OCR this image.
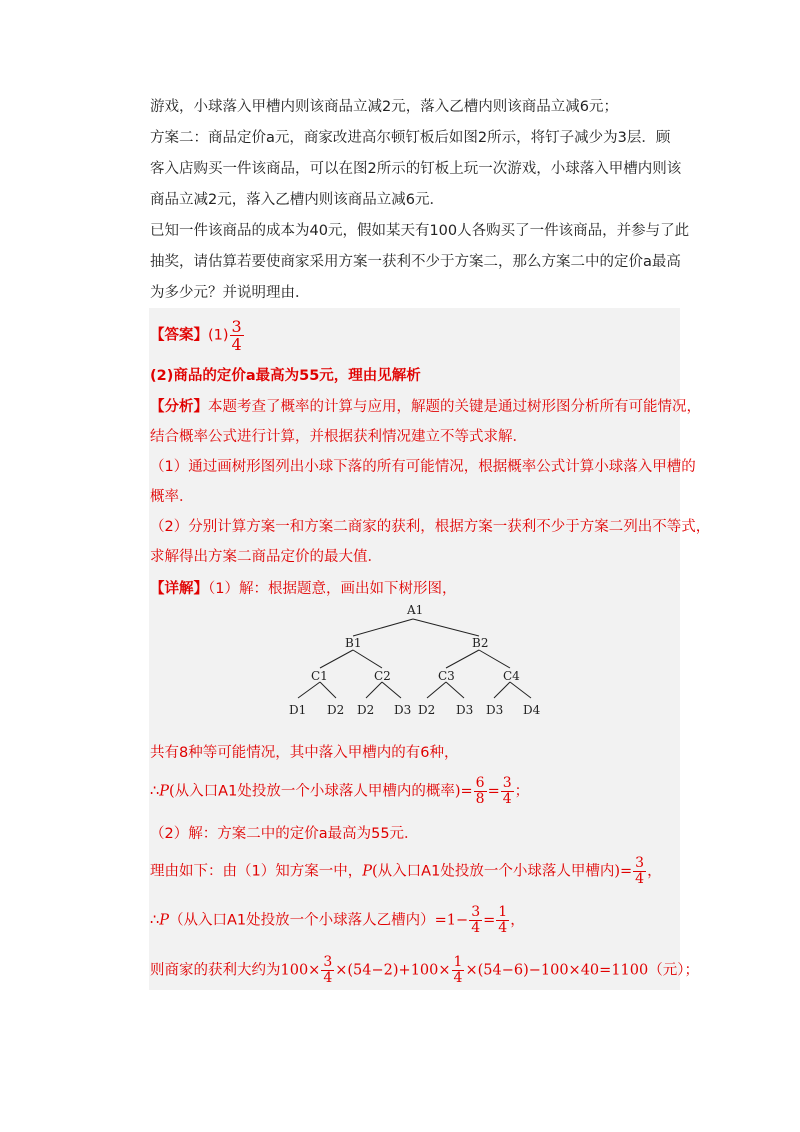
游戏，小球落入甲槽内则该商品立减2元，落入乙槽内则该商品立减6元；

方案二：商品定价a元，商家改进高尔顿钉板后如图2所示，将钉子减少为3层．顾

客入店购买一件该商品，可以在图2所示的钉板上玩一次游戏，小球落入甲槽内则该

商品立减2元，落入乙槽内则该商品立减6元．

已知一件该商品的成本为40元，假如某天有100人各购买了一件该商品，并参与了此

抽奖，请估算若要使商家采用方案一获利不少于方案二，那么方案二中的定价a最高

为多少元？并说明理由．

【答案】$(1) \frac{3}{4}$
(2)商品的定价a最高为55元，理由见解析
【分析】本题考查了概率的计算与应用，解题的关键是通过树形图分析所有可能情况，
结合概率公式进行计算，并根据获利情况建立不等式求解．
（1）通过画树形图列出小球下落的所有可能情况，根据概率公式计算小球落入甲槽的
概率．
（2）分别计算方案一和方案二商家的获利，根据方案一获利不少于方案二列出不等式，
求解得出方案二商品定价的最大值．
【详解】（1）解：根据题意，画出如下树形图，
A1
B1	B2
C1	C2	C3	C4
D1 D2 D2 D3 D2 D3 D3 D4
共有8种等可能情况，其中落入甲槽内的有6种，
∴P(从入口A1处投放一个小球落人甲槽内的概率)= $\frac{6}{8} = \frac{3}{4}$ ；
（2）解：方案二中的定价a最高为55元．
理由如下：由（1）知方案一中，P(从入口A1处投放一个小球落人甲槽内)= $\frac{3}{4}$ ，
∴P（从入口A1处投放一个小球落人乙槽内）$=1- \frac{3}{4} = \frac{1}{4}$ ，
则商家的获利大约为$100\times \frac{3}{4} \times(54-2)+100\times \frac{1}{4} \times(54-6)-100\times 40=1100$（元）；
